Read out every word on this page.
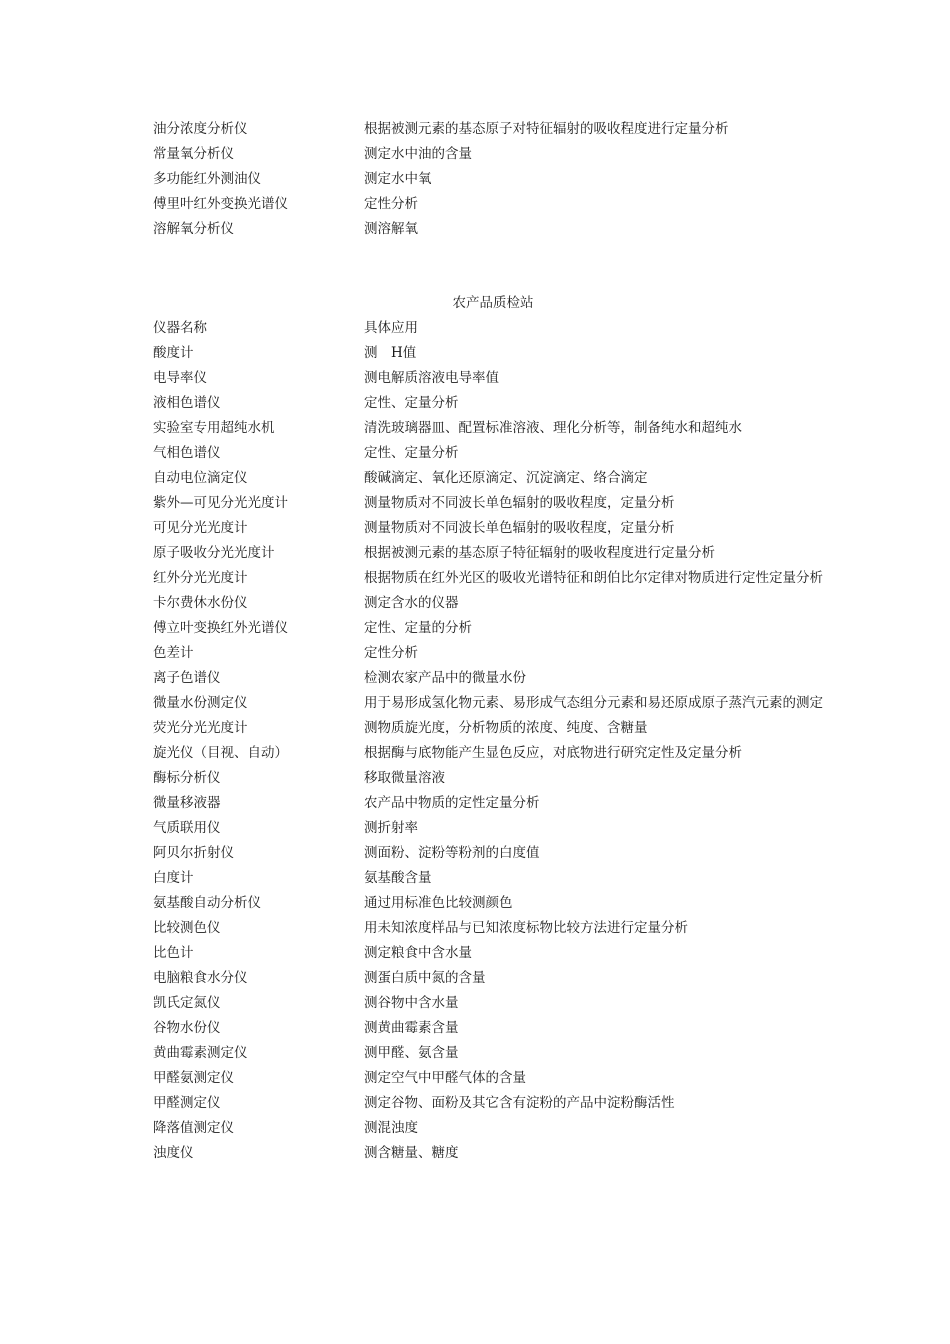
油分浓度分析仪	根据被测元素的基态原子对特征辐射的吸收程度进行定量分析
常量氧分析仪	测定水中油的含量
多功能红外测油仪	测定水中氧
傅里叶红外变换光谱仪	定性分析
溶解氧分析仪	测溶解氧
农产品质检站
仪器名称	具体应用
酸度计	测　H值
电导率仪	测电解质溶液电导率值
液相色谱仪	定性、定量分析
实验室专用超纯水机	清洗玻璃器皿、配置标准溶液、理化分析等，制备纯水和超纯水
气相色谱仪	定性、定量分析
自动电位滴定仪	酸碱滴定、氧化还原滴定、沉淀滴定、络合滴定
紫外—可见分光光度计	测量物质对不同波长单色辐射的吸收程度，定量分析
可见分光光度计	测量物质对不同波长单色辐射的吸收程度，定量分析
原子吸收分光光度计	根据被测元素的基态原子特征辐射的吸收程度进行定量分析
红外分光光度计	根据物质在红外光区的吸收光谱特征和朗伯比尔定律对物质进行定性定量分析
卡尔费休水份仪	测定含水的仪器
傅立叶变换红外光谱仪	定性、定量的分析
色差计	定性分析
离子色谱仪	检测农家产品中的微量水份
微量水份测定仪	用于易形成氢化物元素、易形成气态组分元素和易还原成原子蒸汽元素的测定
荧光分光光度计	测物质旋光度，分析物质的浓度、纯度、含糖量
旋光仪（目视、自动）	根据酶与底物能产生显色反应，对底物进行研究定性及定量分析
酶标分析仪	移取微量溶液
微量移液器	农产品中物质的定性定量分析
气质联用仪	测折射率
阿贝尔折射仪	测面粉、淀粉等粉剂的白度值
白度计	氨基酸含量
氨基酸自动分析仪	通过用标准色比较测颜色
比较测色仪	用未知浓度样品与已知浓度标物比较方法进行定量分析
比色计	测定粮食中含水量
电脑粮食水分仪	测蛋白质中氮的含量
凯氏定氮仪	测谷物中含水量
谷物水份仪	测黄曲霉素含量
黄曲霉素测定仪	测甲醛、氨含量
甲醛氨测定仪	测定空气中甲醛气体的含量
甲醛测定仪	测定谷物、面粉及其它含有淀粉的产品中淀粉酶活性
降落值测定仪	测混浊度
浊度仪	测含糖量、糖度
